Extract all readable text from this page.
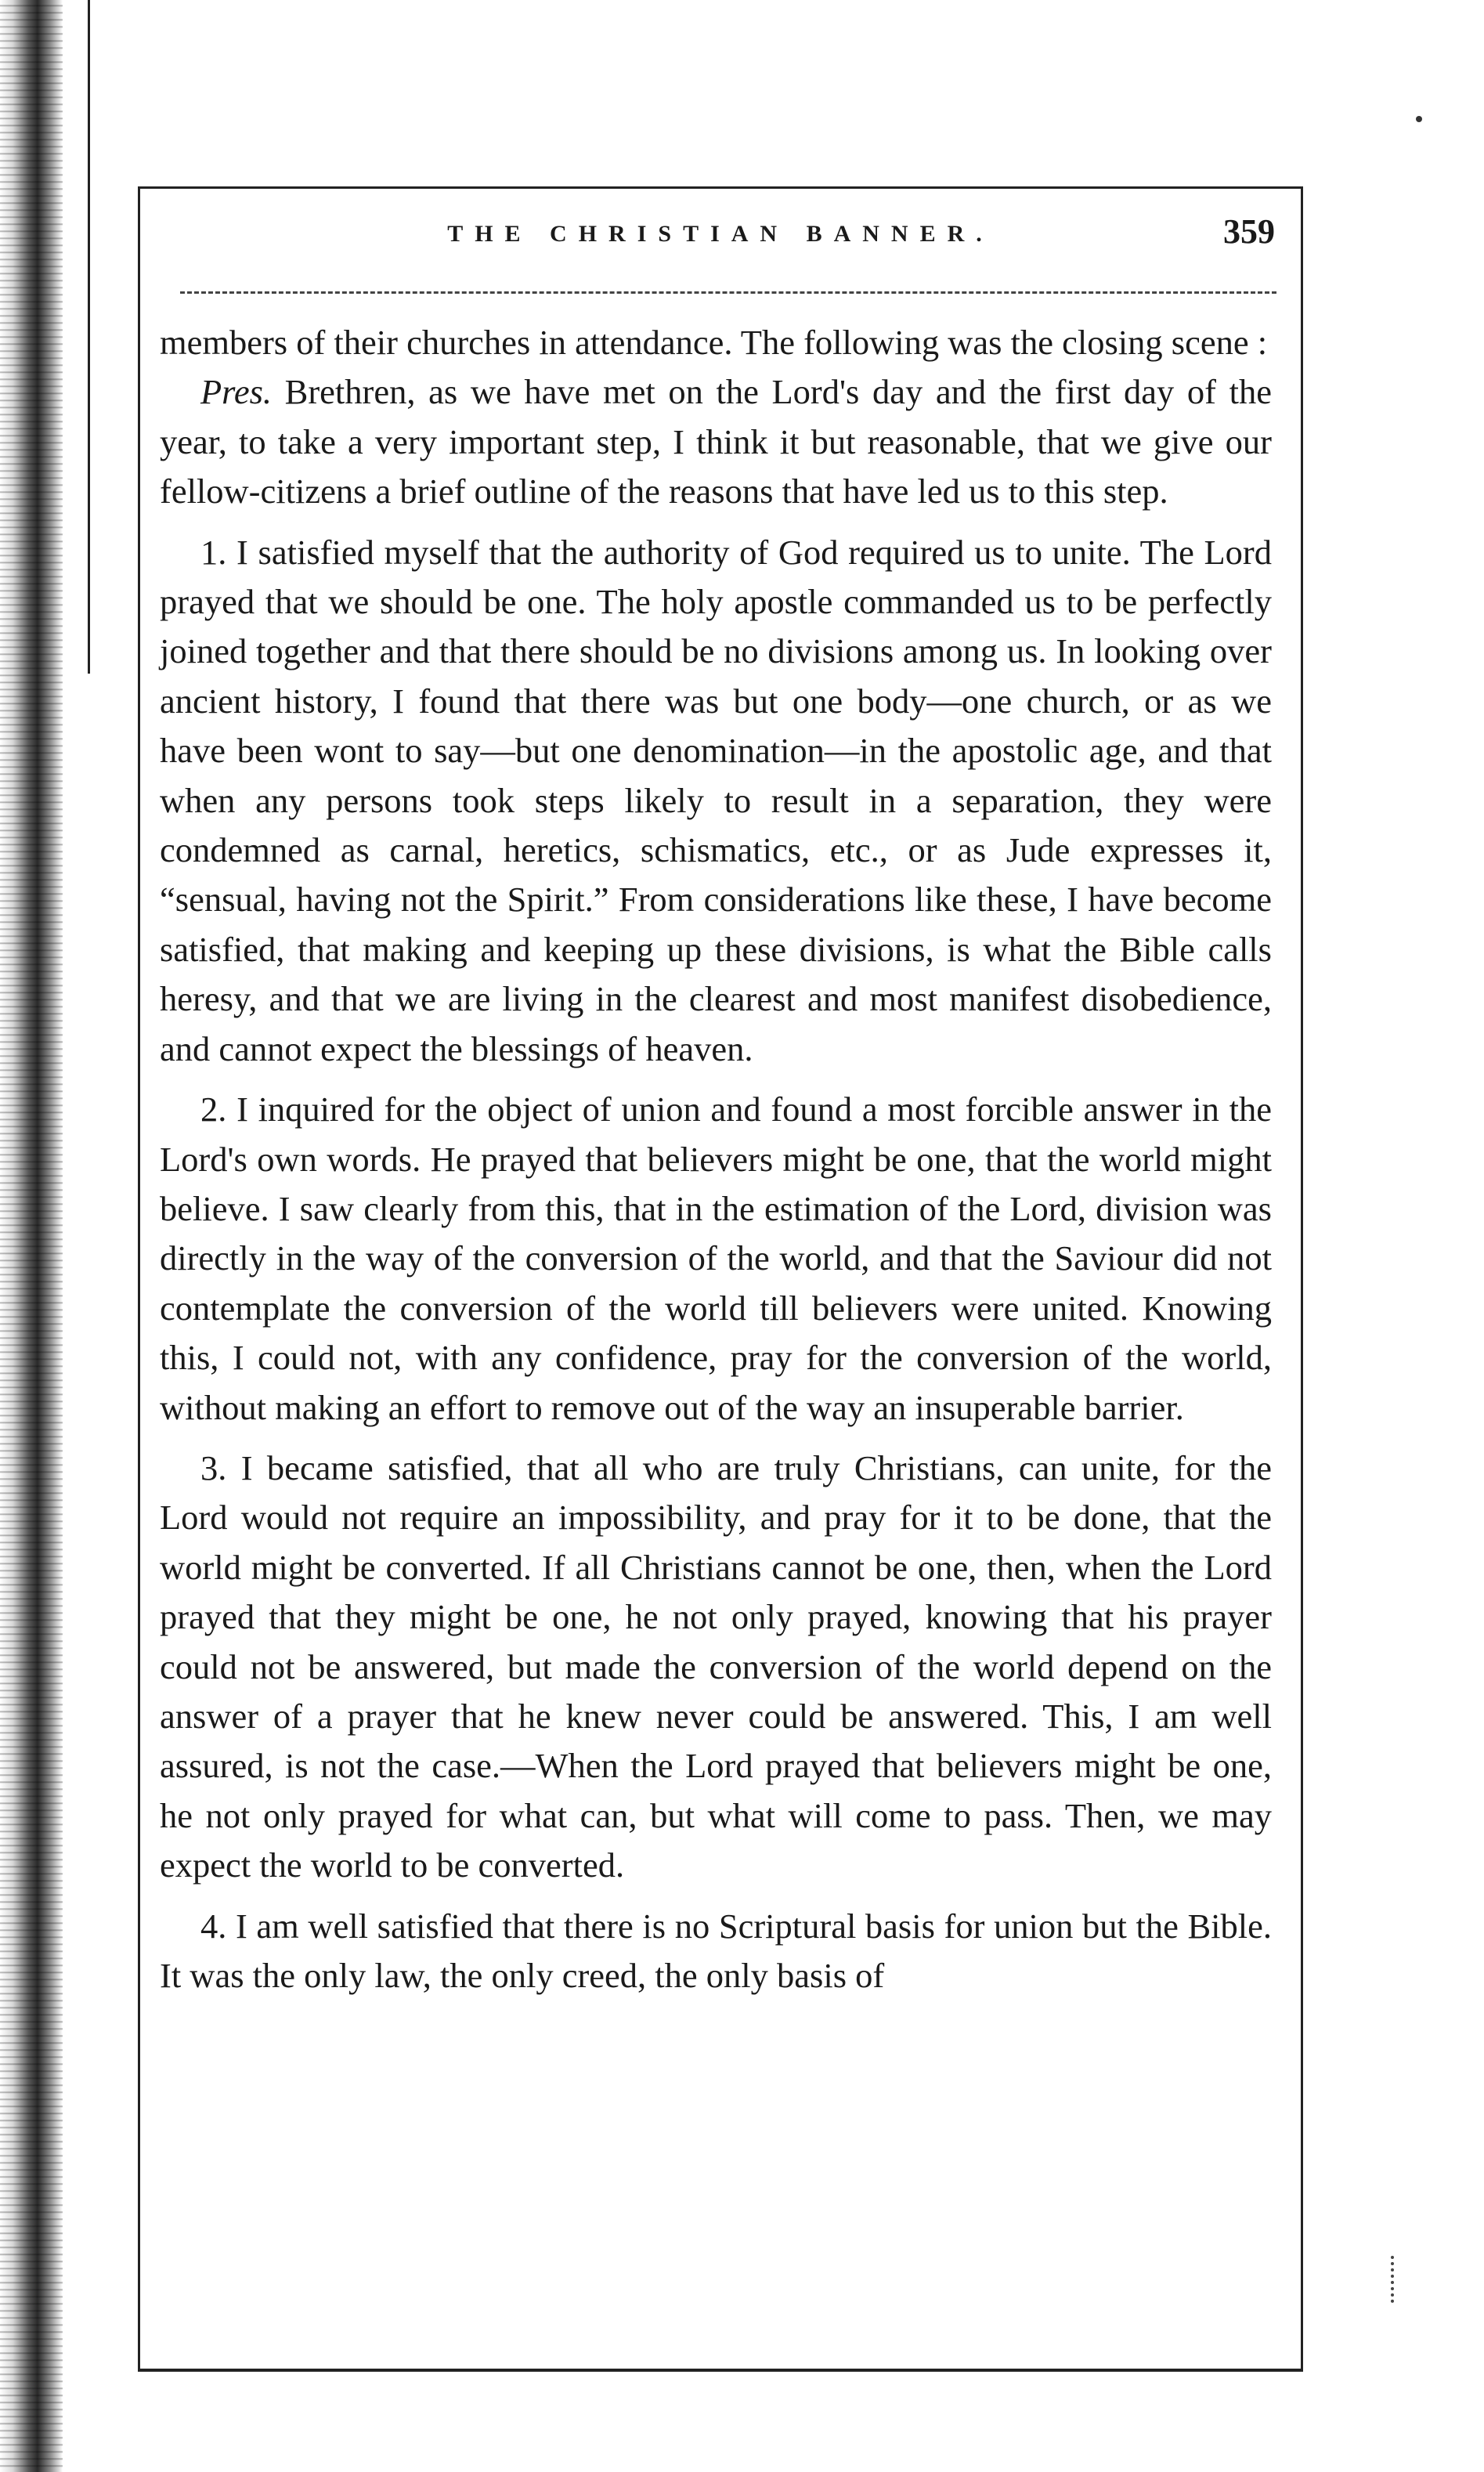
THE CHRISTIAN BANNER.	359

members of their churches in attendance. The following was the closing scene :

Pres. Brethren, as we have met on the Lord's day and the first day of the year, to take a very important step, I think it but reasonable, that we give our fellow-citizens a brief outline of the reasons that have led us to this step.

1. I satisfied myself that the authority of God required us to unite. The Lord prayed that we should be one. The holy apostle commanded us to be perfectly joined together and that there should be no divisions among us. In looking over ancient history, I found that there was but one body—one church, or as we have been wont to say—but one denomination—in the apostolic age, and that when any persons took steps likely to result in a separation, they were condemned as carnal, heretics, schismatics, etc., or as Jude expresses it, “sensual, having not the Spirit.” From considerations like these, I have become satisfied, that making and keeping up these divisions, is what the Bible calls heresy, and that we are living in the clearest and most manifest disobedience, and cannot expect the blessings of heaven.

2. I inquired for the object of union and found a most forcible answer in the Lord's own words. He prayed that believers might be one, that the world might believe. I saw clearly from this, that in the estimation of the Lord, division was directly in the way of the conversion of the world, and that the Saviour did not contemplate the conversion of the world till believers were united. Knowing this, I could not, with any confidence, pray for the conversion of the world, without making an effort to remove out of the way an insuperable barrier.

3. I became satisfied, that all who are truly Christians, can unite, for the Lord would not require an impossibility, and pray for it to be done, that the world might be converted. If all Christians cannot be one, then, when the Lord prayed that they might be one, he not only prayed, knowing that his prayer could not be answered, but made the conversion of the world depend on the answer of a prayer that he knew never could be answered. This, I am well assured, is not the case.—When the Lord prayed that believers might be one, he not only prayed for what can, but what will come to pass. Then, we may expect the world to be converted.

4. I am well satisfied that there is no Scriptural basis for union but the Bible. It was the only law, the only creed, the only basis of
